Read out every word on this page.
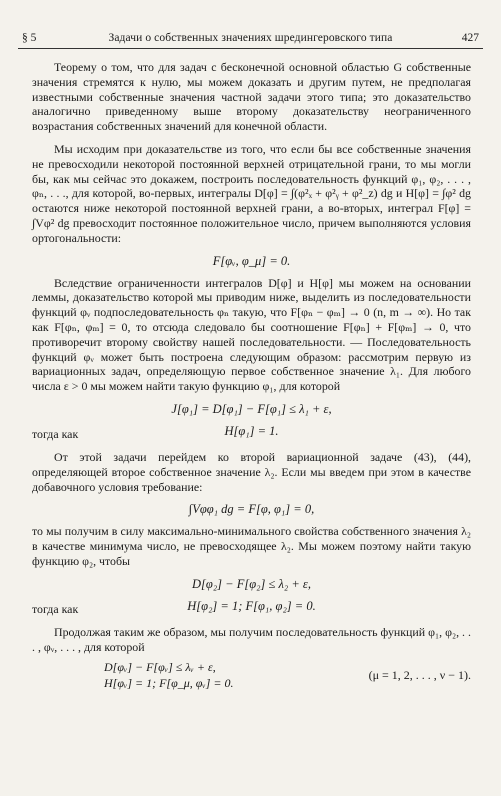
§ 5	Задачи о собственных значениях шредингеровского типа	427

Теорему о том, что для задач с бесконечной основной областью G собственные значения стремятся к нулю, мы можем доказать и другим путем, не предполагая известными собственные значения частной задачи этого типа; это доказательство аналогично приведенному выше второму доказательству неограниченного возрастания собственных значений для конечной области.

Мы исходим при доказательстве из того, что если бы все собственные значения не превосходили некоторой постоянной верхней отрицательной грани, то мы могли бы, как мы сейчас это докажем, построить последовательность функций φ₁, φ₂, . . . , φₙ, . . ., для которой, во-первых, интегралы D[φ] = ∫(φ²ₓ + φ²ᵧ + φ²_z) dg и H[φ] = ∫φ² dg остаются ниже некоторой постоянной верхней грани, а во-вторых, интеграл F[φ] = ∫Vφ² dg превосходит постоянное положительное число, причем выполняются условия ортогональности:

F[φᵥ, φ_μ] = 0.

Вследствие ограниченности интегралов D[φ] и H[φ] мы можем на основании леммы, доказательство которой мы приводим ниже, выделить из последовательности функций φᵥ подпоследовательность φₙ такую, что F[φₙ − φₘ] → 0 (n, m → ∞). Но так как F[φₙ, φₘ] = 0, то отсюда следовало бы соотношение F[φₙ] + F[φₘ] → 0, что противоречит второму свойству нашей последовательности. — Последовательность функций φᵥ может быть построена следующим образом: рассмотрим первую из вариационных задач, определяющую первое собственное значение λ₁. Для любого числа ε > 0 мы можем найти такую функцию φ₁, для которой

J[φ₁] = D[φ₁] − F[φ₁] ≤ λ₁ + ε,
тогда как	H[φ₁] = 1.

От этой задачи перейдем ко второй вариационной задаче (43), (44), определяющей второе собственное значение λ₂. Если мы введем при этом в качестве добавочного условия требование:

∫Vφφ₁ dg = F[φ, φ₁] = 0,

то мы получим в силу максимально-минимального свойства собственного значения λ₂ в качестве минимума число, не превосходящее λ₂. Мы можем поэтому найти такую функцию φ₂, чтобы

D[φ₂] − F[φ₂] ≤ λ₂ + ε,
тогда как	H[φ₂] = 1; F[φ₁, φ₂] = 0.

Продолжая таким же образом, мы получим последовательность функций φ₁, φ₂, . . . , φᵥ, . . . , для которой

D[φᵥ] − F[φᵥ] ≤ λᵥ + ε,
H[φᵥ] = 1; F[φ_μ, φᵥ] = 0.
(μ = 1, 2, . . . , ν − 1).
